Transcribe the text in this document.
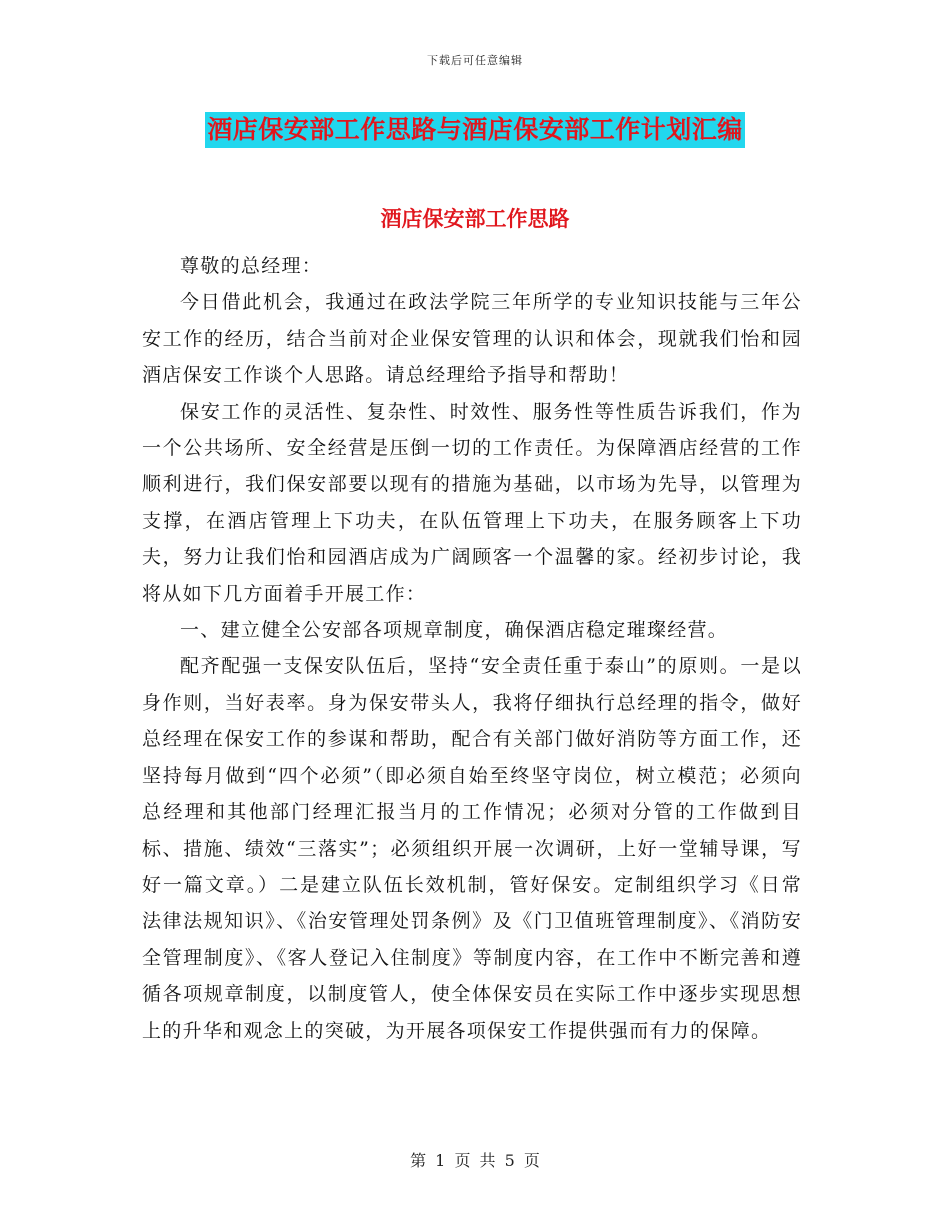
下载后可任意编辑
酒店保安部工作思路与酒店保安部工作计划汇编
酒店保安部工作思路

尊敬的总经理：

今日借此机会，我通过在政法学院三年所学的专业知识技能与三年公安工作的经历，结合当前对企业保安管理的认识和体会，现就我们怡和园酒店保安工作谈个人思路。请总经理给予指导和帮助！

保安工作的灵活性、复杂性、时效性、服务性等性质告诉我们，作为一个公共场所、安全经营是压倒一切的工作责任。为保障酒店经营的工作顺利进行，我们保安部要以现有的措施为基础，以市场为先导，以管理为支撑，在酒店管理上下功夫，在队伍管理上下功夫，在服务顾客上下功夫，努力让我们怡和园酒店成为广阔顾客一个温馨的家。经初步讨论，我将从如下几方面着手开展工作：

一、建立健全公安部各项规章制度，确保酒店稳定璀璨经营。

配齐配强一支保安队伍后，坚持“安全责任重于泰山”的原则。一是以身作则，当好表率。身为保安带头人，我将仔细执行总经理的指令，做好总经理在保安工作的参谋和帮助，配合有关部门做好消防等方面工作，还坚持每月做到“四个必须”（即必须自始至终坚守岗位，树立模范；必须向总经理和其他部门经理汇报当月的工作情况；必须对分管的工作做到目标、措施、绩效“三落实”；必须组织开展一次调研，上好一堂辅导课，写好一篇文章。）二是建立队伍长效机制，管好保安。定制组织学习《日常法律法规知识》、《治安管理处罚条例》及《门卫值班管理制度》、《消防安全管理制度》、《客人登记入住制度》等制度内容，在工作中不断完善和遵循各项规章制度，以制度管人，使全体保安员在实际工作中逐步实现思想上的升华和观念上的突破，为开展各项保安工作提供强而有力的保障。

第 1 页 共 5 页
